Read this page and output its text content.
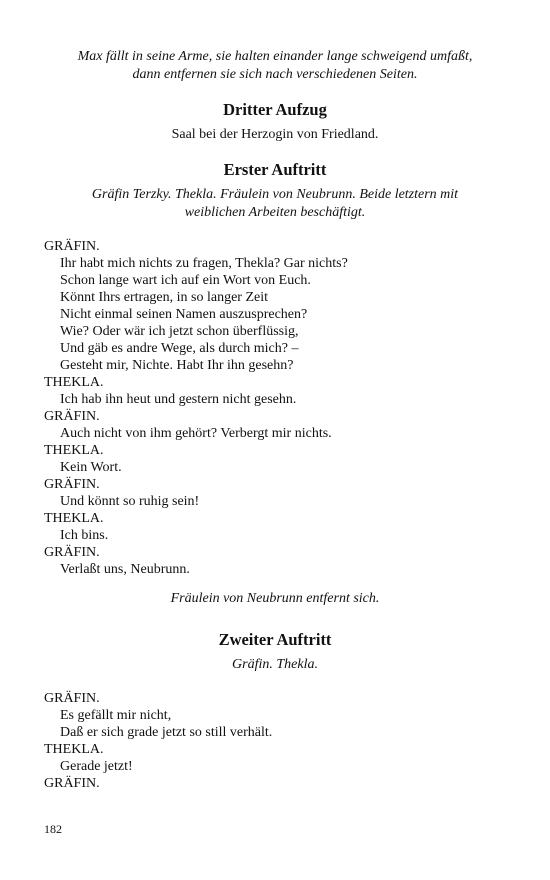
Max fällt in seine Arme, sie halten einander lange schweigend umfaßt,
dann entfernen sie sich nach verschiedenen Seiten.
Dritter Aufzug
Saal bei der Herzogin von Friedland.
Erster Auftritt
Gräfin Terzky. Thekla. Fräulein von Neubrunn. Beide letztern mit
weiblichen Arbeiten beschäftigt.
GRÄFIN.
Ihr habt mich nichts zu fragen, Thekla? Gar nichts?
Schon lange wart ich auf ein Wort von Euch.
Könnt Ihrs ertragen, in so langer Zeit
Nicht einmal seinen Namen auszusprechen?
Wie? Oder wär ich jetzt schon überflüssig,
Und gäb es andre Wege, als durch mich? –
Gesteht mir, Nichte. Habt Ihr ihn gesehn?
THEKLA.
Ich hab ihn heut und gestern nicht gesehn.
GRÄFIN.
Auch nicht von ihm gehört? Verbergt mir nichts.
THEKLA.
Kein Wort.
GRÄFIN.
Und könnt so ruhig sein!
THEKLA.
Ich bins.
GRÄFIN.
Verlaßt uns, Neubrunn.
Fräulein von Neubrunn entfernt sich.
Zweiter Auftritt
Gräfin. Thekla.
GRÄFIN.
Es gefällt mir nicht,
Daß er sich grade jetzt so still verhält.
THEKLA.
Gerade jetzt!
GRÄFIN.
182
